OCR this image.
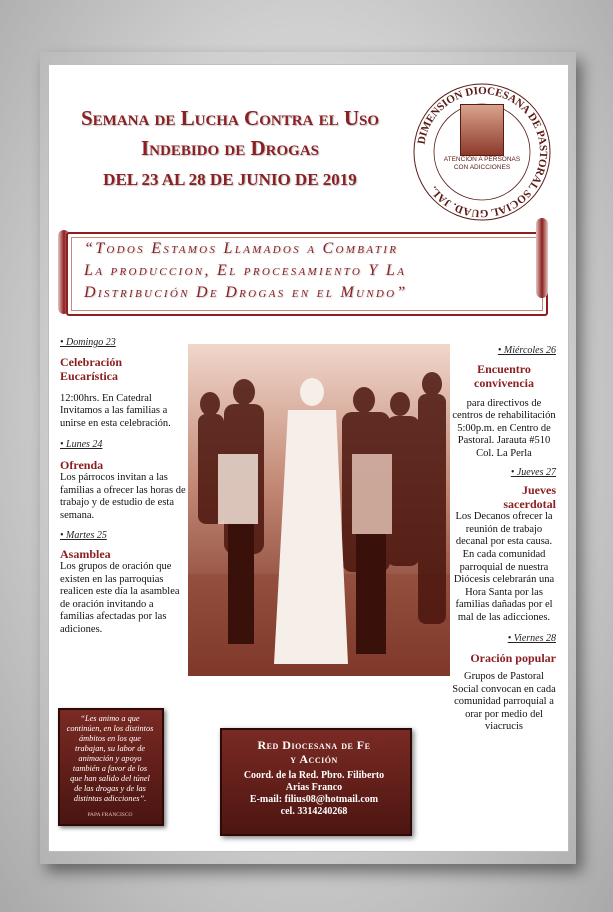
Semana de Lucha Contra el Uso
Indebido de Drogas
DEL 23 AL 28 DE JUNIO DE 2019
DIMENSION DIOCESANA DE PASTORAL SOCIAL GUAD. JAL.
ATENCION A PERSONAS
CON ADICCIONES
“Todos Estamos Llamados a Combatir
La produccion, El procesamiento Y La
Distribución De Drogas en el Mundo”
• Domingo 23
Celebración
Eucarística
12:00hrs. En Catedral Invitamos a las familias a unirse en esta celebración.
• Lunes 24
Ofrenda
Los párrocos invitan a las familias a ofrecer las horas de trabajo y de estudio de esta semana.
• Martes 25
Asamblea
Los grupos de oración que existen en las parroquias realicen este día la asamblea de oración invitando a familias afectadas por las adiciones.
• Miércoles 26
Encuentro
convivencia
para directivos de centros de rehabilitación 5:00p.m. en Centro de Pastoral. Jarauta #510 Col. La Perla
• Jueves 27
Jueves
sacerdotal
Los Decanos ofrecer la reunión de trabajo decanal por esta causa. En cada comunidad parroquial de nuestra Diócesis celebrarán una Hora Santa por las familias dañadas por el mal de las adicciones.
• Viernes 28
Oración popular
Grupos de Pastoral Social convocan en cada comunidad parroquial a orar por medio del viacrucis
“Les animo a que continúen, en los distintos ámbitos en los que trabajan, su labor de animación y apoyo también a favor de los que han salido del túnel de las drogas y de las distintas adicciones”.
PAPA FRANCISCO
Red Diocesana de Fe
y Acción
Coord. de la Red. Pbro. Filiberto
Arias Franco
E-mail: filius08@hotmail.com
cel. 3314240268
